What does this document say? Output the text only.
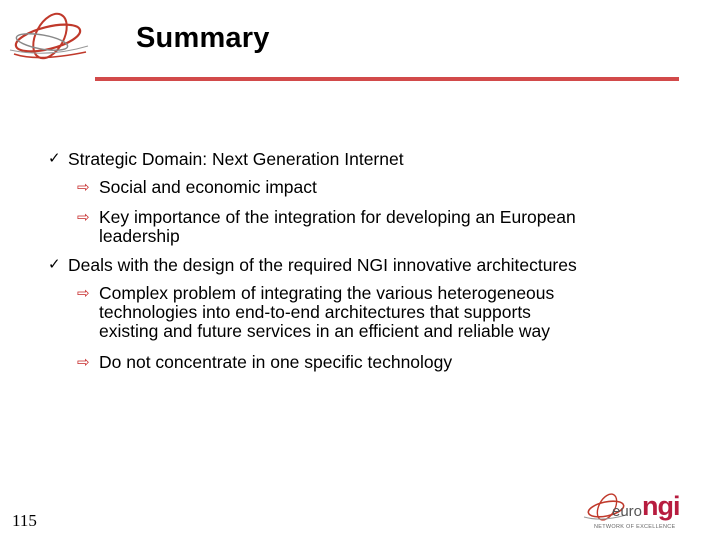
Summary
✓ Strategic Domain: Next Generation Internet
⇨ Social and economic impact
⇨ Key importance of the integration for developing an European
leadership
✓ Deals with the design of the required NGI innovative architectures
⇨ Complex problem of integrating the various heterogeneous
technologies into end-to-end architectures that supports
existing and future services in an efficient and reliable way
⇨ Do not concentrate in one specific technology
115	euro ngi
NETWORK OF EXCELLENCE
